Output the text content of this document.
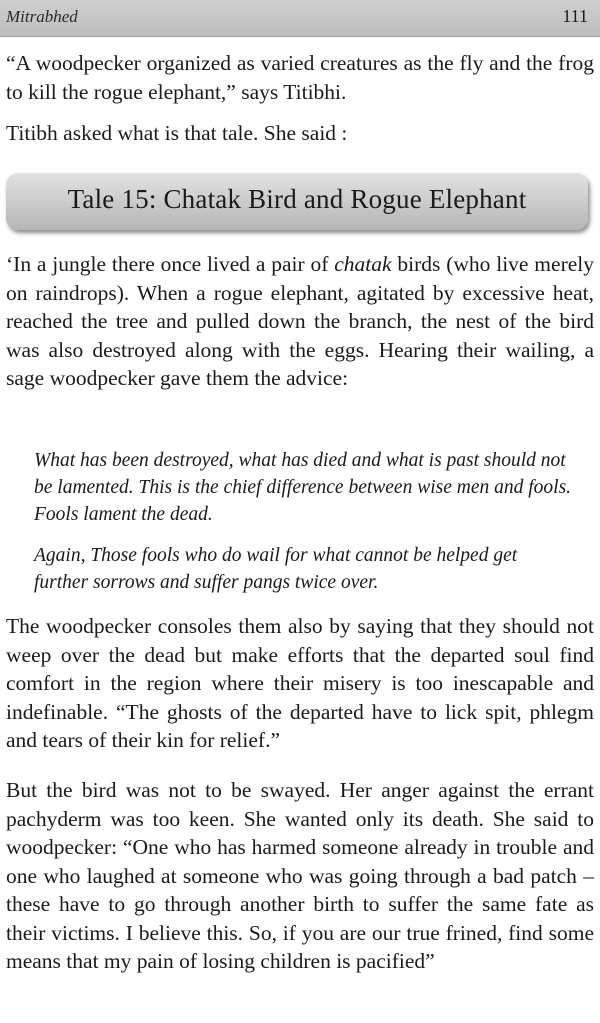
Mitrabhed	111

“A woodpecker organized as varied creatures as the fly and the frog to kill the rogue elephant,” says Titibhi.

Titibh asked what is that tale. She said :

Tale 15: Chatak Bird and Rogue Elephant

‘In a jungle there once lived a pair of chatak birds (who live merely on raindrops). When a rogue elephant, agitated by excessive heat, reached the tree and pulled down the branch, the nest of the bird was also destroyed along with the eggs. Hearing their wailing, a sage woodpecker gave them the advice:

What has been destroyed, what has died and what is past should not be lamented. This is the chief difference between wise men and fools. Fools lament the dead.

Again, Those fools who do wail for what cannot be helped get further sorrows and suffer pangs twice over.

The woodpecker consoles them also by saying that they should not weep over the dead but make efforts that the departed soul find comfort in the region where their misery is too inescapable and indefinable. “The ghosts of the departed have to lick spit, phlegm and tears of their kin for relief.”

But the bird was not to be swayed. Her anger against the errant pachyderm was too keen. She wanted only its death. She said to woodpecker: “One who has harmed someone already in trouble and one who laughed at someone who was going through a bad patch – these have to go through another birth to suffer the same fate as their victims. I believe this. So, if you are our true frined, find some means that my pain of losing children is pacified”
